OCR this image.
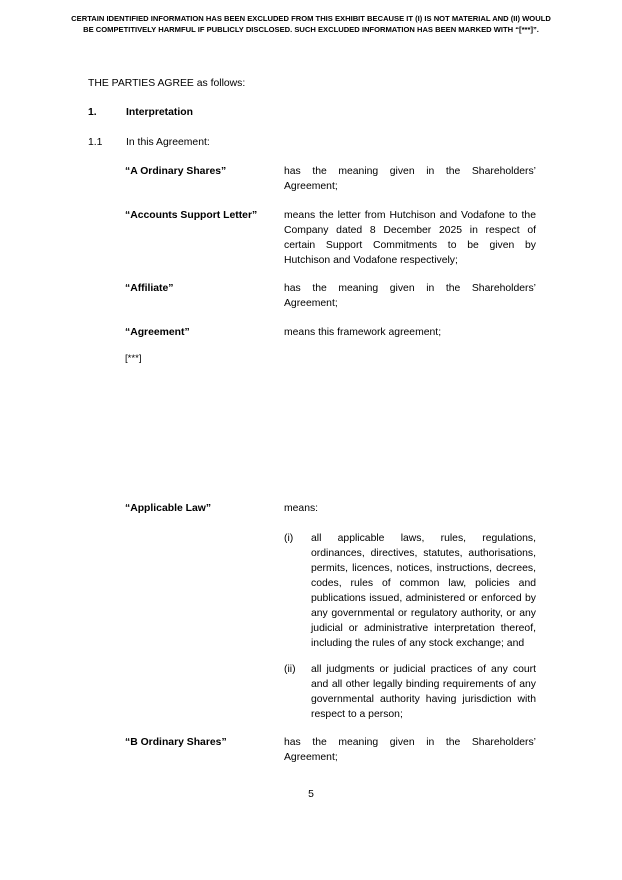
CERTAIN IDENTIFIED INFORMATION HAS BEEN EXCLUDED FROM THIS EXHIBIT BECAUSE IT (I) IS NOT MATERIAL AND (II) WOULD
BE COMPETITIVELY HARMFUL IF PUBLICLY DISCLOSED. SUCH EXCLUDED INFORMATION HAS BEEN MARKED WITH “[***]”.
THE PARTIES AGREE as follows:
1.	Interpretation
1.1 In this Agreement:
“A Ordinary Shares”	has the meaning given in the Shareholders’ Agreement;
“Accounts Support Letter”	means the letter from Hutchison and Vodafone to the Company dated 8 December 2025 in respect of certain Support Commitments to be given by Hutchison and Vodafone respectively;
“Affiliate”	has the meaning given in the Shareholders’ Agreement;
“Agreement”	means this framework agreement;
[***]
“Applicable Law”	means:
(i) all applicable laws, rules, regulations, ordinances, directives, statutes, authorisations, permits, licences, notices, instructions, decrees, codes, rules of common law, policies and publications issued, administered or enforced by any governmental or regulatory authority, or any judicial or administrative interpretation thereof, including the rules of any stock exchange; and
(ii) all judgments or judicial practices of any court and all other legally binding requirements of any governmental authority having jurisdiction with respect to a person;
“B Ordinary Shares”	has the meaning given in the Shareholders’ Agreement;
5
